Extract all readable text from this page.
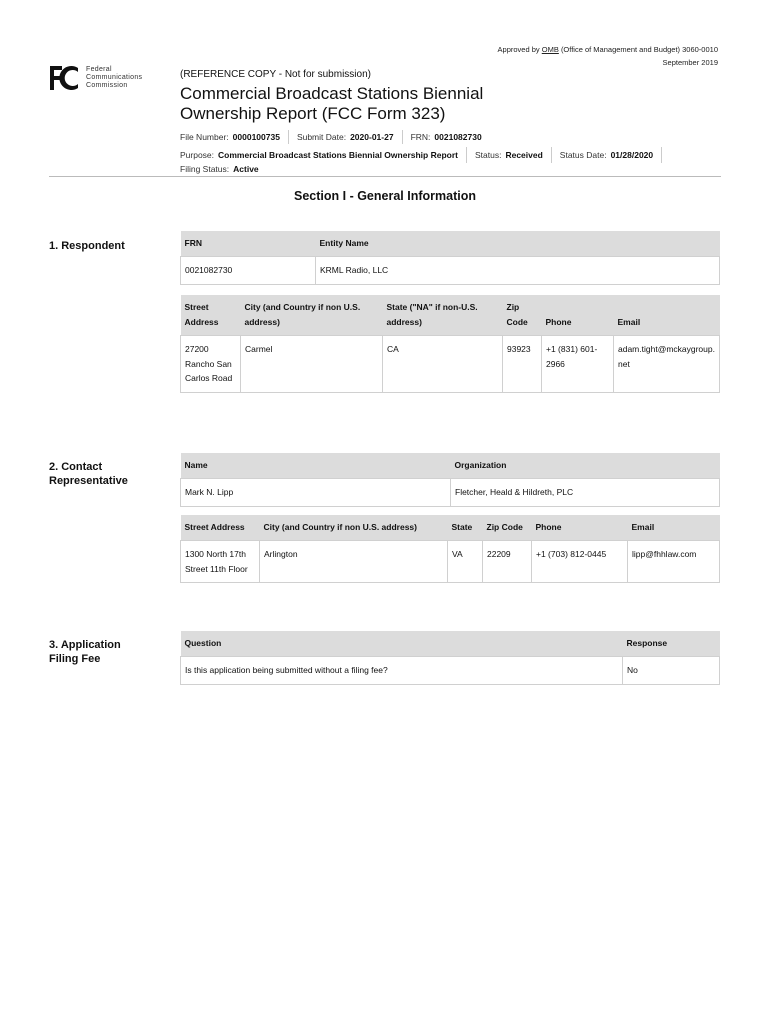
Approved by OMB (Office of Management and Budget) 3060-0010
September 2019
Federal
Communications
Commission
(REFERENCE COPY - Not for submission)
Commercial Broadcast Stations Biennial Ownership Report (FCC Form 323)
File Number: 0000100735 Submit Date: 2020-01-27 FRN: 0021082730
Purpose: Commercial Broadcast Stations Biennial Ownership Report Status: Received Status Date: 01/28/2020
Filing Status: Active
Section I - General Information
1. Respondent	FRN	Entity Name
0021082730	KRML Radio, LLC
Street Address	City (and Country if non U.S. address)	State ("NA" if non-U.S. address)	Zip Code	Phone	Email
27200 Rancho San Carlos Road	Carmel	CA	93923	+1 (831) 601-2966	adam.tight@mckaygroup.net
2. Contact
Representative
Name	Organization
Mark N. Lipp	Fletcher, Heald & Hildreth, PLC
Street Address	City (and Country if non U.S. address)	State	Zip Code	Phone	Email
1300 North 17th Street 11th Floor	Arlington	VA	22209	+1 (703) 812-0445	lipp@fhhlaw.com
3. Application
Filing Fee
Question	Response
Is this application being submitted without a filing fee?	No
